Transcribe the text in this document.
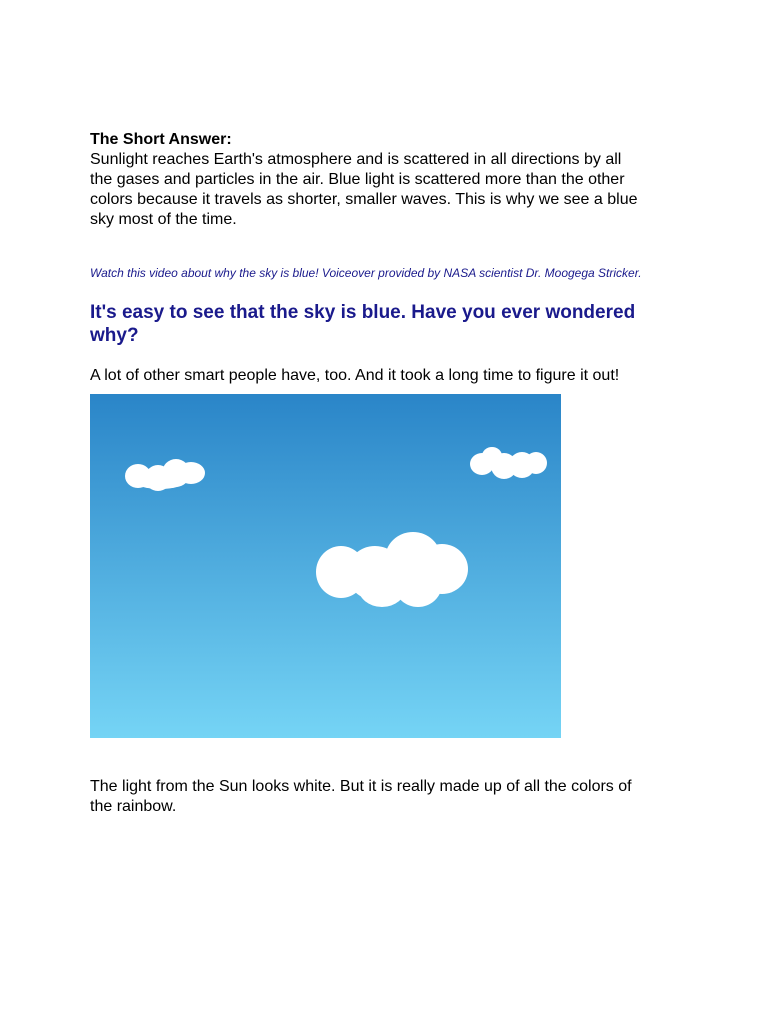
The Short Answer:

Sunlight reaches Earth's atmosphere and is scattered in all directions by all
the gases and particles in the air. Blue light is scattered more than the other
colors because it travels as shorter, smaller waves. This is why we see a blue
sky most of the time.

Watch this video about why the sky is blue! Voiceover provided by NASA scientist Dr. Moogega Stricker.

It's easy to see that the sky is blue. Have you ever wondered
why?

A lot of other smart people have, too. And it took a long time to figure it out!

The light from the Sun looks white. But it is really made up of all the colors of
the rainbow.
